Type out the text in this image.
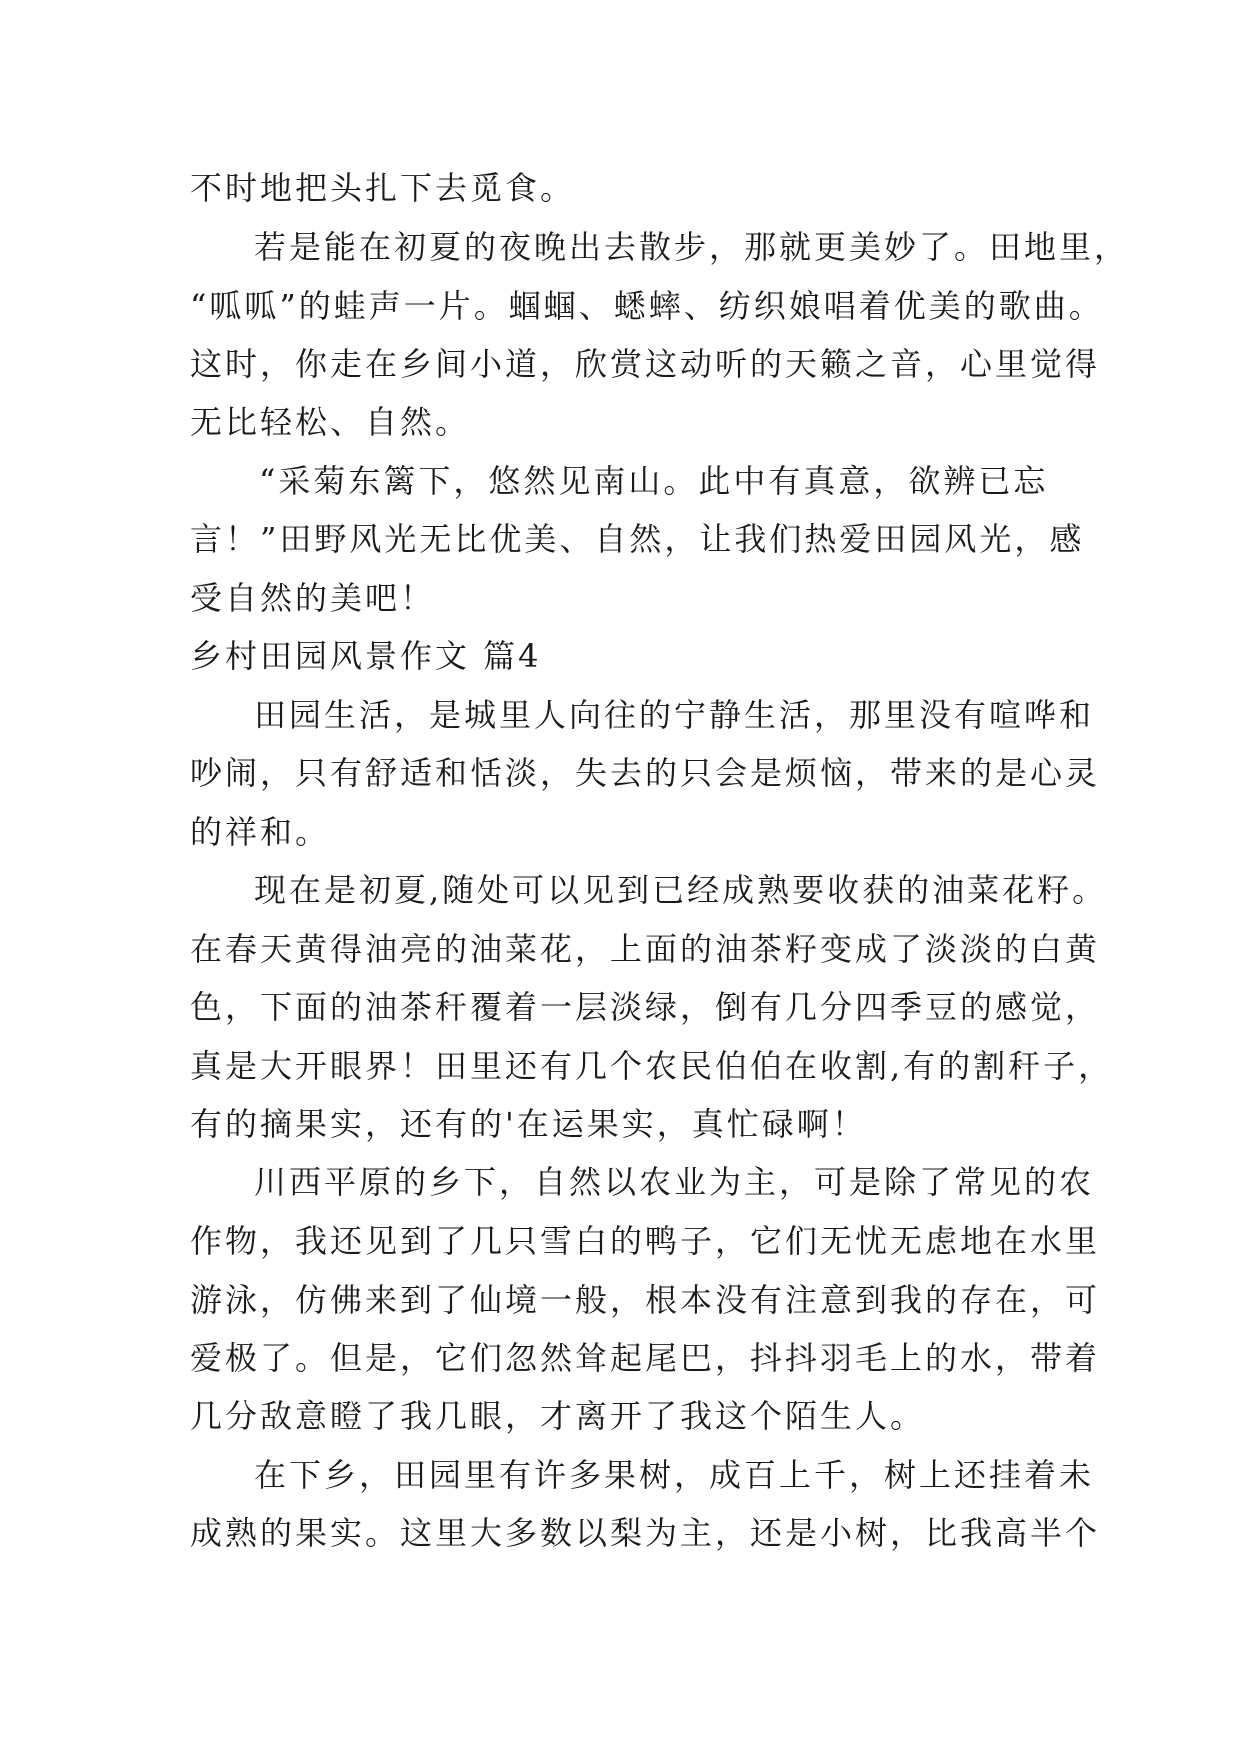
不时地把头扎下去觅食。
若是能在初夏的夜晚出去散步，那就更美妙了。田地里，
“呱呱”的蛙声一片。蝈蝈、蟋蟀、纺织娘唱着优美的歌曲。
这时，你走在乡间小道，欣赏这动听的天籁之音，心里觉得
无比轻松、自然。
“采菊东篱下，悠然见南山。此中有真意，欲辨已忘
言！”田野风光无比优美、自然，让我们热爱田园风光，感
受自然的美吧！
乡村田园风景作文 篇4
田园生活，是城里人向往的宁静生活，那里没有喧哗和
吵闹，只有舒适和恬淡，失去的只会是烦恼，带来的是心灵
的祥和。
现在是初夏,随处可以见到已经成熟要收获的油菜花籽。
在春天黄得油亮的油菜花，上面的油茶籽变成了淡淡的白黄
色，下面的油茶秆覆着一层淡绿，倒有几分四季豆的感觉，
真是大开眼界！田里还有几个农民伯伯在收割,有的割秆子，
有的摘果实，还有的'在运果实，真忙碌啊！
川西平原的乡下，自然以农业为主，可是除了常见的农
作物，我还见到了几只雪白的鸭子，它们无忧无虑地在水里
游泳，仿佛来到了仙境一般，根本没有注意到我的存在，可
爱极了。但是，它们忽然耸起尾巴，抖抖羽毛上的水，带着
几分敌意瞪了我几眼，才离开了我这个陌生人。
在下乡，田园里有许多果树，成百上千，树上还挂着未
成熟的果实。这里大多数以梨为主，还是小树，比我高半个
